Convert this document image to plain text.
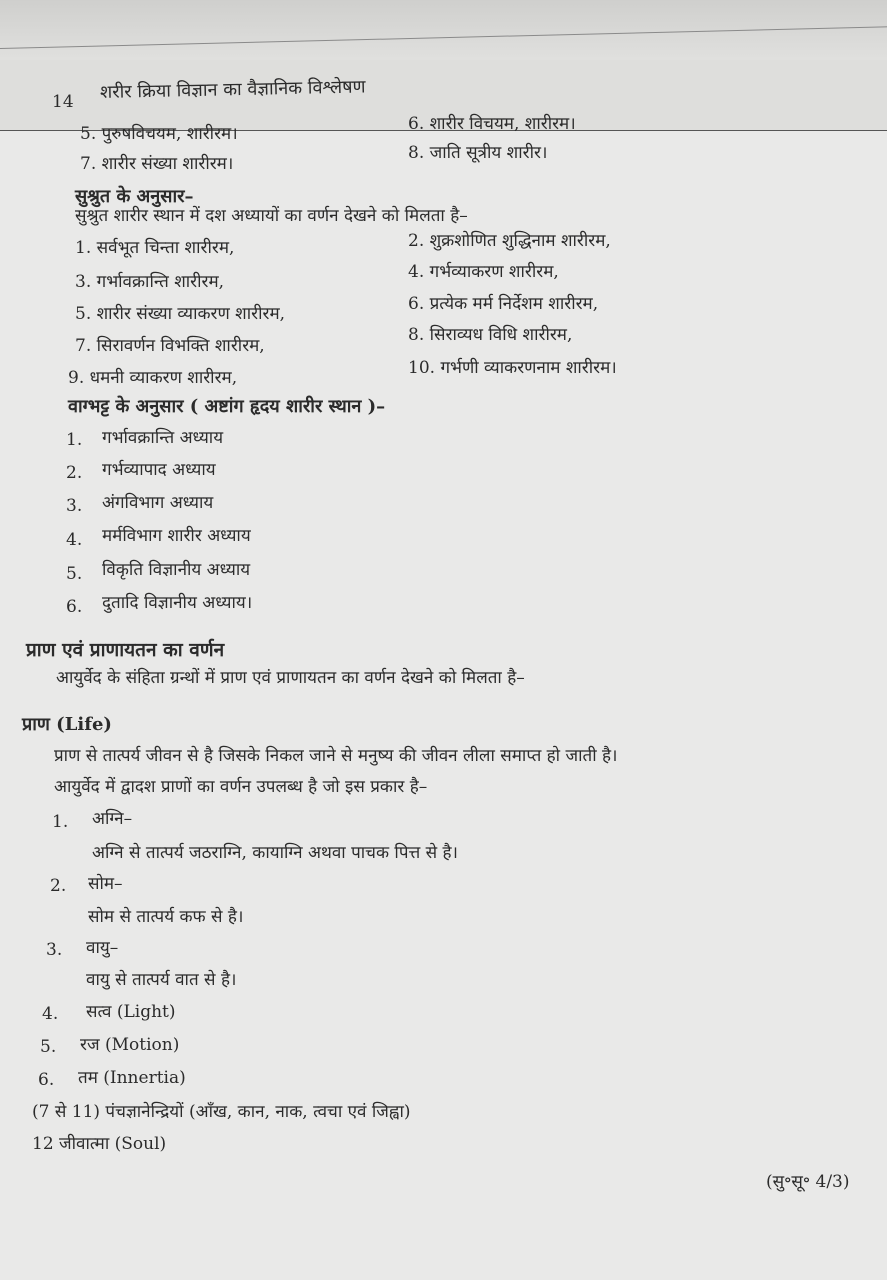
14 शरीर क्रिया विज्ञान का वैज्ञानिक विश्लेषण
5. पुरुषविचयम, शारीरम।	6. शारीर विचयम, शारीरम।
7. शारीर संख्या शारीरम।
8. जाति सूत्रीय शारीर।
सुश्रुत के अनुसार–
सुश्रुत शारीर स्थान में दश अध्यायों का वर्णन देखने को मिलता है–
1. सर्वभूत चिन्ता शारीरम,	2. शुक्रशोणित शुद्धिनाम शारीरम,
3. गर्भावक्रान्ति शारीरम,	4. गर्भव्याकरण शारीरम,
5. शारीर संख्या व्याकरण शारीरम,	6. प्रत्येक मर्म निर्देशम शारीरम,
7. सिरावर्णन विभक्ति शारीरम,
8. सिराव्यध विधि शारीरम,
9. धमनी व्याकरण शारीरम,	10. गर्भणी व्याकरणनाम शारीरम।
वाग्भट्ट के अनुसार ( अष्टांग हृदय शारीर स्थान )–
1. गर्भावक्रान्ति अध्याय
2. गर्भव्यापाद अध्याय
3. अंगविभाग अध्याय
4. मर्मविभाग शारीर अध्याय
5. विकृति विज्ञानीय अध्याय
6. दुतादि विज्ञानीय अध्याय।
प्राण एवं प्राणायतन का वर्णन
आयुर्वेद के संहिता ग्रन्थों में प्राण एवं प्राणायतन का वर्णन देखने को मिलता है–
प्राण (Life)
प्राण से तात्पर्य जीवन से है जिसके निकल जाने से मनुष्य की जीवन लीला समाप्त हो जाती है।
आयुर्वेद में द्वादश प्राणों का वर्णन उपलब्ध है जो इस प्रकार है–
1. अग्नि–
अग्नि से तात्पर्य जठराग्नि, कायाग्नि अथवा पाचक पित्त से है।
2. सोम–
सोम से तात्पर्य कफ से है।
3. वायु–
वायु से तात्पर्य वात से है।
4. सत्व (Light)
5. रज (Motion)
6. तम (Innertia)
(7 से 11) पंचज्ञानेन्द्रियों (आँख, कान, नाक, त्वचा एवं जिह्वा)
12 जीवात्मा (Soul)
(सु॰सू॰ 4/3)
